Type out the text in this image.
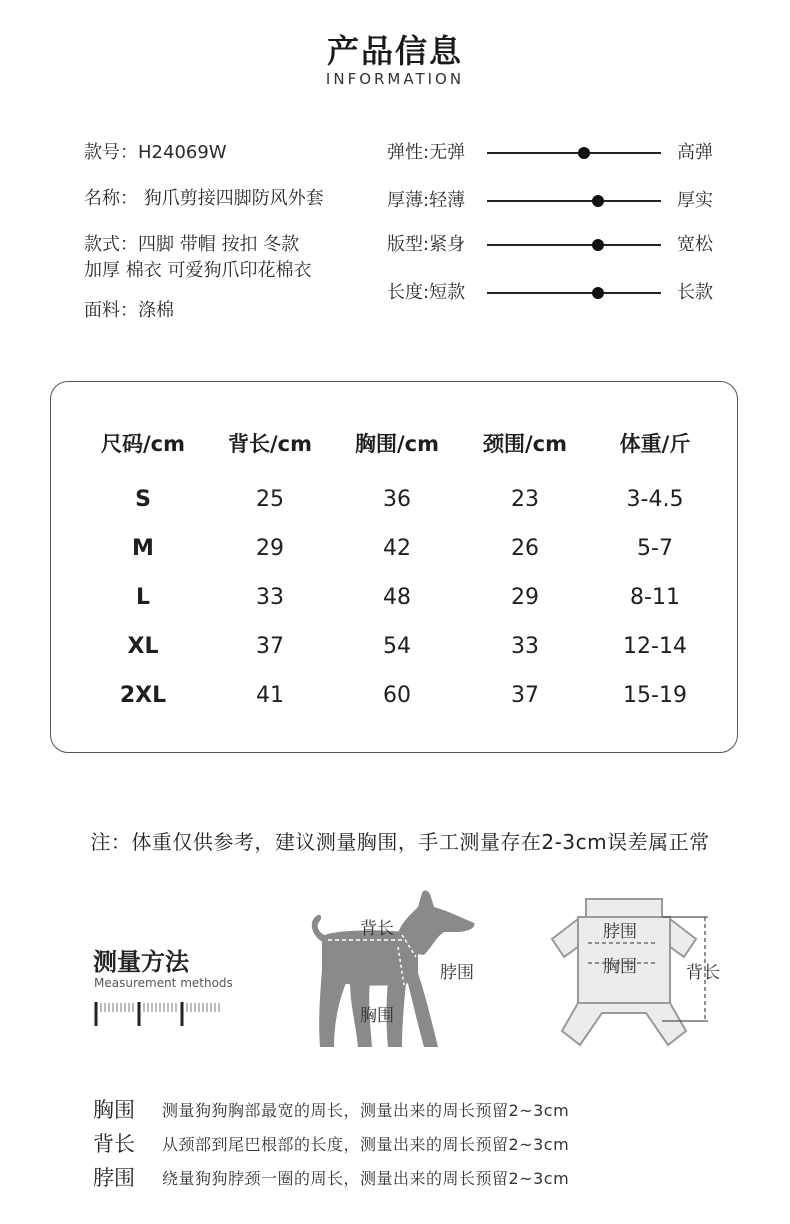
产品信息
INFORMATION
款号：H24069W
名称： 狗爪剪接四脚防风外套
款式：四脚 带帽 按扣 冬款
加厚 棉衣 可爱狗爪印花棉衣
面料：涤棉
弹性:无弹	高弹
厚薄:轻薄	厚实
版型:紧身	宽松
长度:短款	长款
尺码/cm	背长/cm	胸围/cm	颈围/cm	体重/斤
S	25	36	23	3-4.5
M	29	42	26	5-7
L	33	48	29	8-11
XL	37	54	33	12-14
2XL	41	60	37	15-19
注：体重仅供参考，建议测量胸围，手工测量存在2-3cm误差属正常
测量方法
Measurement methods
背长
脖围
胸围
脖围
胸围	背长
胸围 测量狗狗胸部最宽的周长，测量出来的周长预留2~3cm
背长 从颈部到尾巴根部的长度，测量出来的周长预留2~3cm
脖围 绕量狗狗脖颈一圈的周长，测量出来的周长预留2~3cm
